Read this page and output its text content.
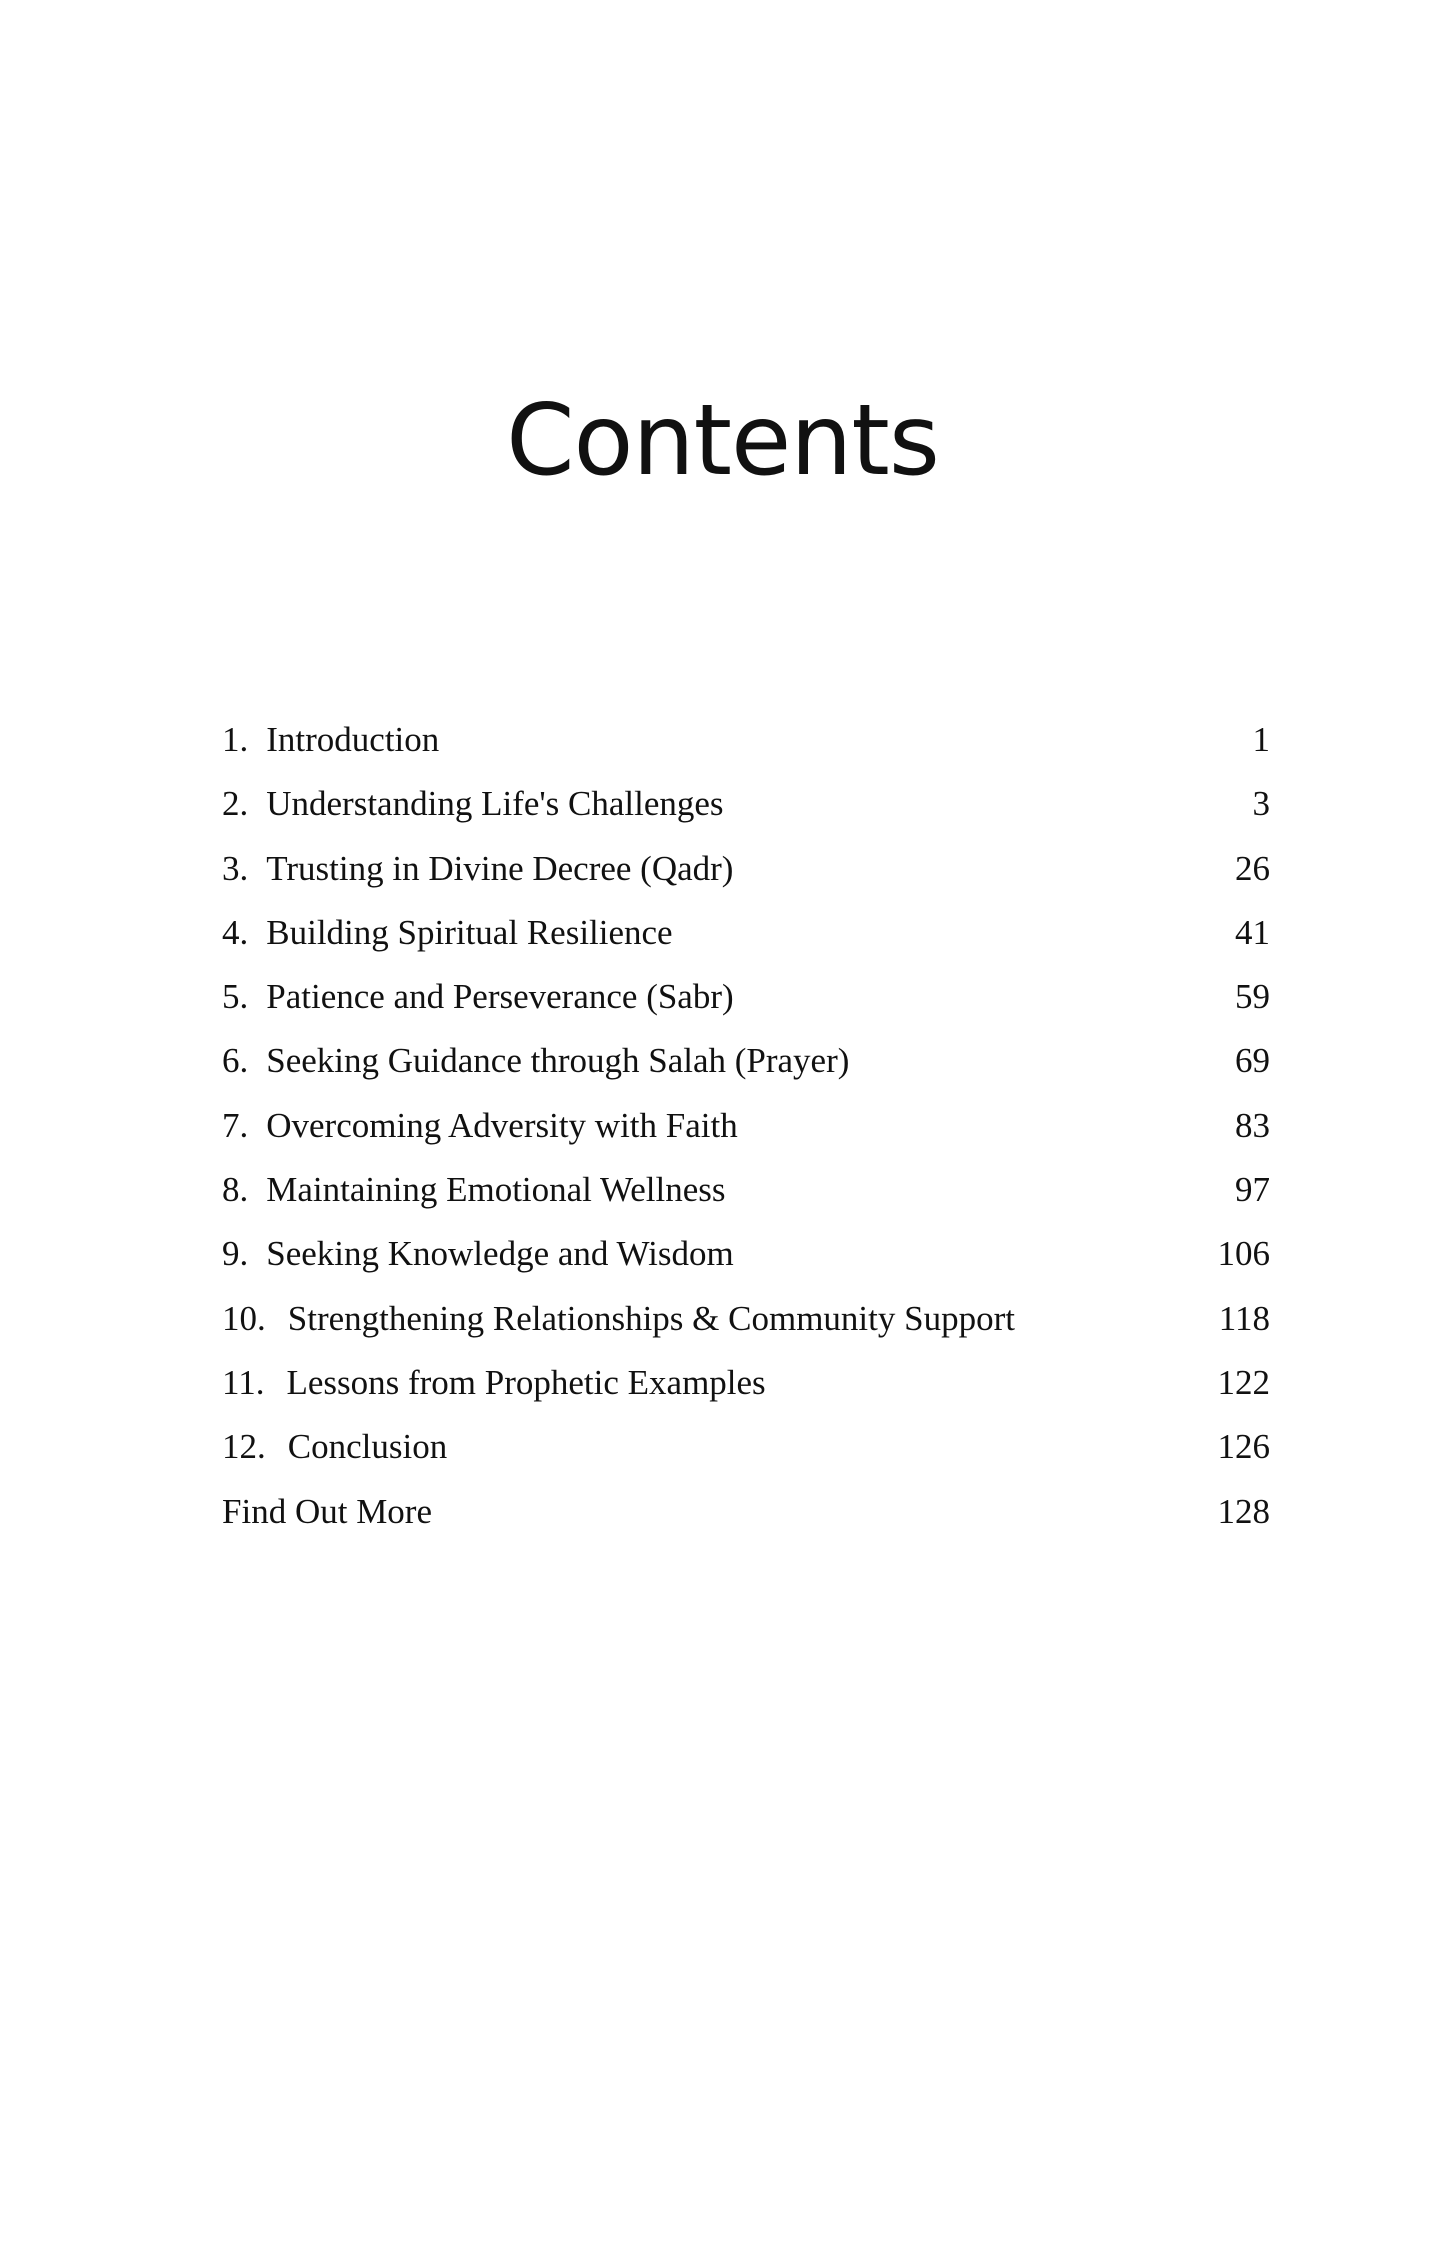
Contents
1. Introduction	1
2. Understanding Life's Challenges	3
3. Trusting in Divine Decree (Qadr)	26
4. Building Spiritual Resilience	41
5. Patience and Perseverance (Sabr)	59
6. Seeking Guidance through Salah (Prayer)	69
7. Overcoming Adversity with Faith	83
8. Maintaining Emotional Wellness	97
9. Seeking Knowledge and Wisdom	106
10. Strengthening Relationships & Community Support	118
11. Lessons from Prophetic Examples	122
12. Conclusion	126
Find Out More	128
